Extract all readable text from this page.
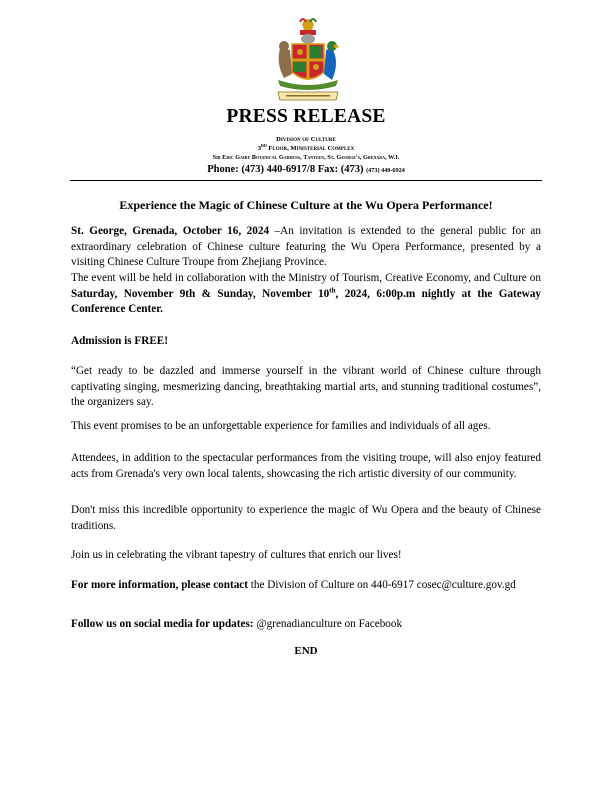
PRESS RELEASE
Division of Culture
3rd Floor, Ministerial Complex
Sir Eric Gairy Botanical Gardens, Tanteen, St. George's, Grenada, W.I.
Phone: (473) 440-6917/8 Fax: (473) (473) 440-6924
Experience the Magic of Chinese Culture at the Wu Opera Performance!
St. George, Grenada, October 16, 2024 –An invitation is extended to the general public for an extraordinary celebration of Chinese culture featuring the Wu Opera Performance, presented by a visiting Chinese Culture Troupe from Zhejiang Province.
The event will be held in collaboration with the Ministry of Tourism, Creative Economy, and Culture on Saturday, November 9th & Sunday, November 10th, 2024, 6:00p.m nightly at the Gateway Conference Center.
Admission is FREE!
“Get ready to be dazzled and immerse yourself in the vibrant world of Chinese culture through captivating singing, mesmerizing dancing, breathtaking martial arts, and stunning traditional costumes”, the organizers say.
This event promises to be an unforgettable experience for families and individuals of all ages.
Attendees, in addition to the spectacular performances from the visiting troupe, will also enjoy featured acts from Grenada's very own local talents, showcasing the rich artistic diversity of our community.
Don't miss this incredible opportunity to experience the magic of Wu Opera and the beauty of Chinese traditions.
Join us in celebrating the vibrant tapestry of cultures that enrich our lives!
For more information, please contact the Division of Culture on 440-6917 cosec@culture.gov.gd
Follow us on social media for updates: @grenadianculture on Facebook
END
